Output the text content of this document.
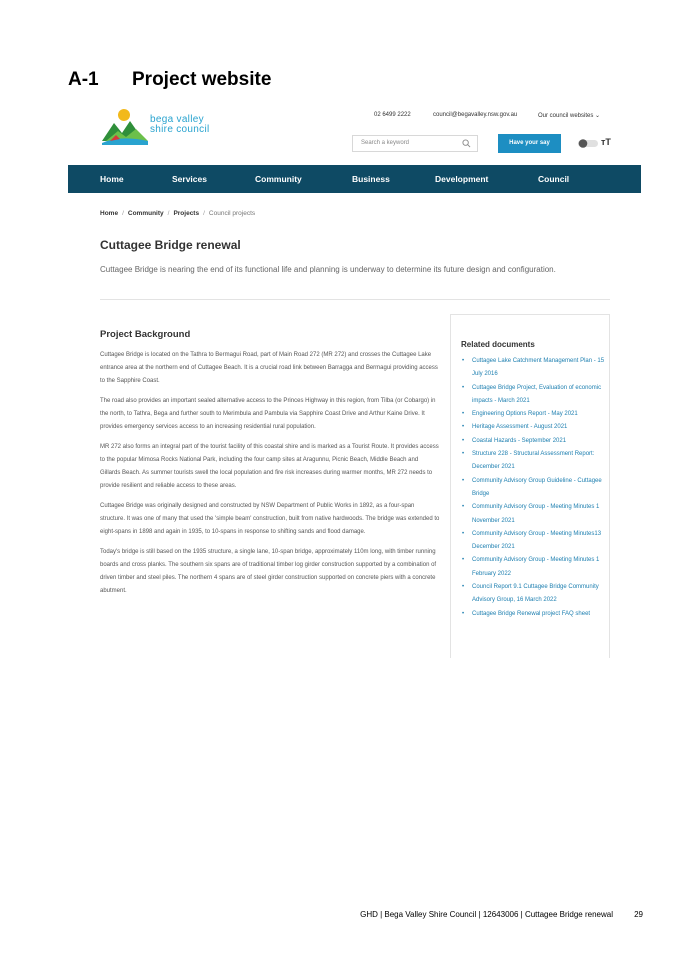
A-1 Project website
bega valley
shire council
02 6499 2222	council@begavalley.nsw.gov.au	Our council websites ⌄
Search a keyword	Have your say	тT
Home	Services	Community	Business	Development	Council
Home / Community / Projects / Council projects
Cuttagee Bridge renewal
Cuttagee Bridge is nearing the end of its functional life and planning is underway to determine its future design and configuration.
Project Background

Cuttagee Bridge is located on the Tathra to Bermagui Road, part of Main Road 272 (MR 272) and crosses the Cuttagee Lake entrance area at the northern end of Cuttagee Beach. It is a crucial road link between Barragga and Bermagui providing access to the Sapphire Coast.

The road also provides an important sealed alternative access to the Princes Highway in this region, from Tilba (or Cobargo) in the north, to Tathra, Bega and further south to Merimbula and Pambula via Sapphire Coast Drive and Arthur Kaine Drive. It provides emergency services access to an increasing residential rural population.

MR 272 also forms an integral part of the tourist facility of this coastal shire and is marked as a Tourist Route. It provides access to the popular Mimosa Rocks National Park, including the four camp sites at Aragunnu, Picnic Beach, Middle Beach and Gillards Beach. As summer tourists swell the local population and fire risk increases during warmer months, MR 272 needs to provide resilient and reliable access to these areas.

Cuttagee Bridge was originally designed and constructed by NSW Department of Public Works in 1892, as a four-span structure. It was one of many that used the 'simple beam' construction, built from native hardwoods. The bridge was extended to eight-spans in 1898 and again in 1935, to 10-spans in response to shifting sands and flood damage.

Today's bridge is still based on the 1935 structure, a single lane, 10-span bridge, approximately 110m long, with timber running boards and cross planks. The southern six spans are of traditional timber log girder construction supported by a combination of driven timber and steel piles. The northern 4 spans are of steel girder construction supported on concrete piers with a concrete abutment.

Related documents
• Cuttagee Lake Catchment Management Plan - 15 July 2016
• Cuttagee Bridge Project, Evaluation of economic impacts - March 2021
• Engineering Options Report - May 2021
• Heritage Assessment - August 2021
• Coastal Hazards - September 2021
• Structure 228 - Structural Assessment Report: December 2021
• Community Advisory Group Guideline - Cuttagee Bridge
• Community Advisory Group - Meeting Minutes 1 November 2021
• Community Advisory Group - Meeting Minutes13 December 2021
• Community Advisory Group - Meeting Minutes 1 February 2022
• Council Report 9.1 Cuttagee Bridge Community Advisory Group, 16 March 2022
• Cuttagee Bridge Renewal project FAQ sheet
GHD | Bega Valley Shire Council | 12643006 | Cuttagee Bridge renewal	29
